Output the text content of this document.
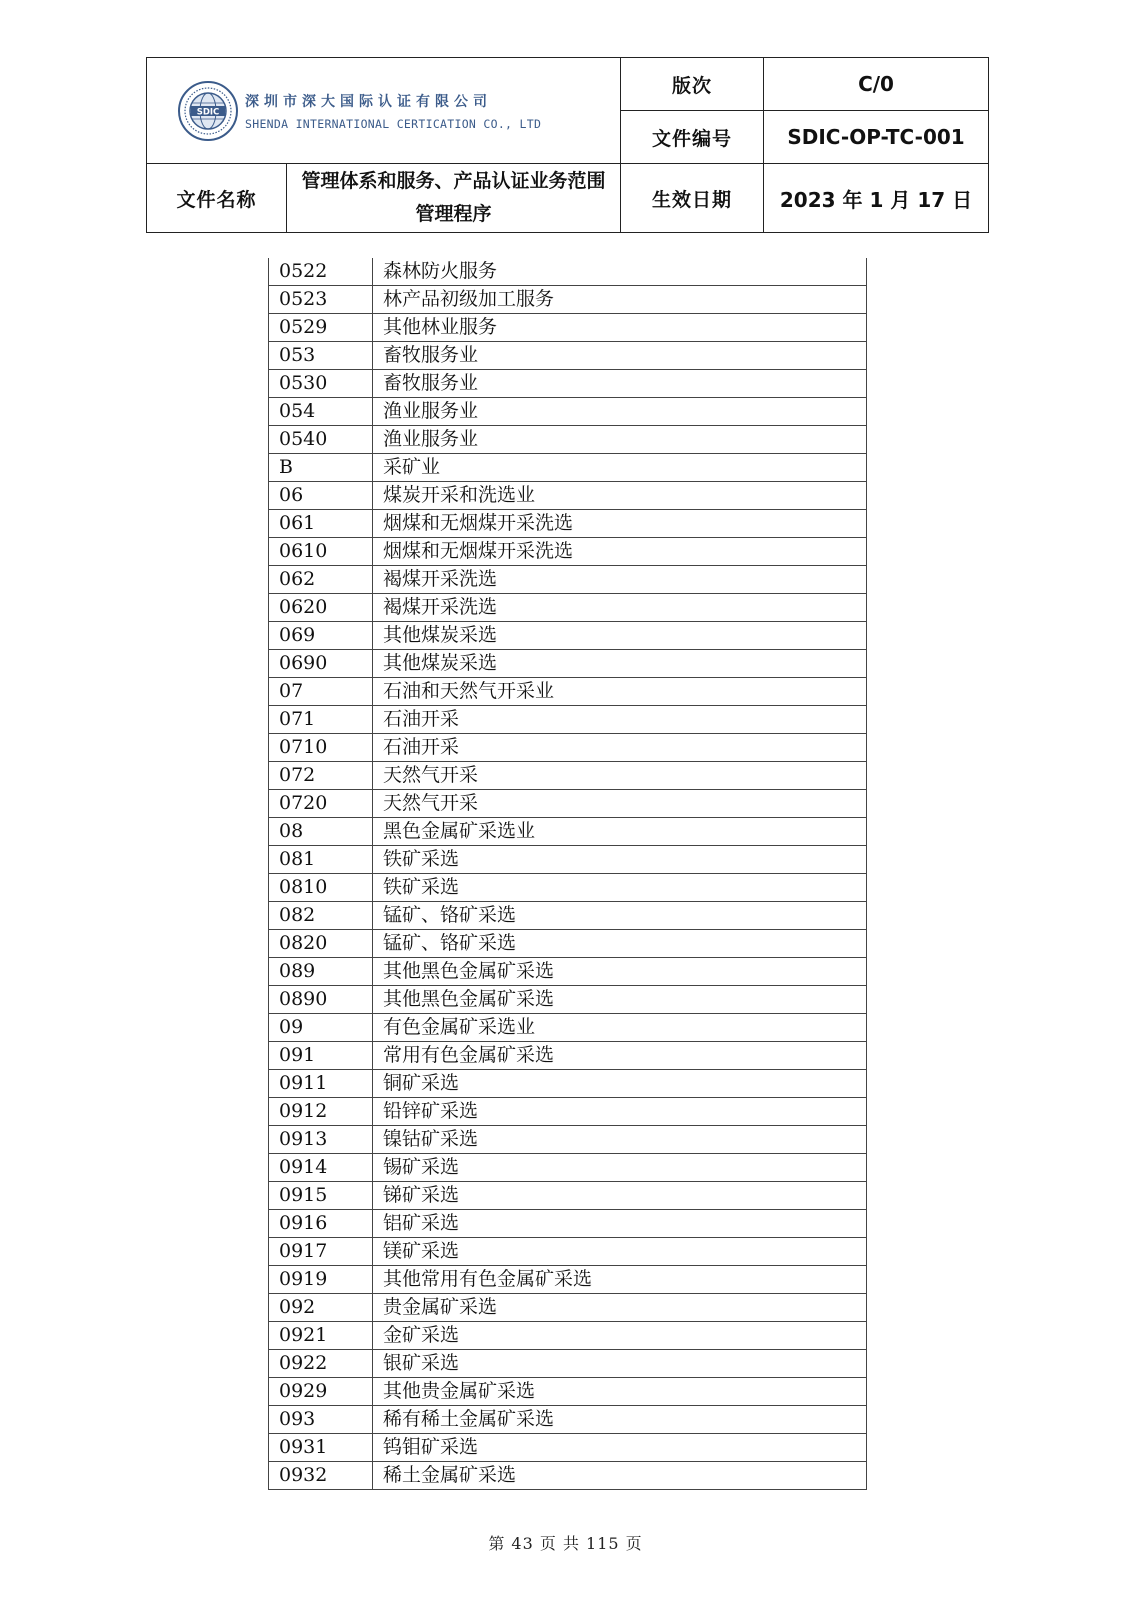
SDIC
深圳市深大国际认证有限公司
SHENDA INTERNATIONAL CERTICATION CO., LTD		版次	C/0
		文件编号	SDIC-OP-TC-001
文件名称	管理体系和服务、产品认证业务范围管理程序	生效日期	2023 年 1 月 17 日
0522	森林防火服务
0523	林产品初级加工服务
0529	其他林业服务
053	畜牧服务业
0530	畜牧服务业
054	渔业服务业
0540	渔业服务业
B	采矿业
06	煤炭开采和洗选业
061	烟煤和无烟煤开采洗选
0610	烟煤和无烟煤开采洗选
062	褐煤开采洗选
0620	褐煤开采洗选
069	其他煤炭采选
0690	其他煤炭采选
07	石油和天然气开采业
071	石油开采
0710	石油开采
072	天然气开采
0720	天然气开采
08	黑色金属矿采选业
081	铁矿采选
0810	铁矿采选
082	锰矿、铬矿采选
0820	锰矿、铬矿采选
089	其他黑色金属矿采选
0890	其他黑色金属矿采选
09	有色金属矿采选业
091	常用有色金属矿采选
0911	铜矿采选
0912	铅锌矿采选
0913	镍钴矿采选
0914	锡矿采选
0915	锑矿采选
0916	铝矿采选
0917	镁矿采选
0919	其他常用有色金属矿采选
092	贵金属矿采选
0921	金矿采选
0922	银矿采选
0929	其他贵金属矿采选
093	稀有稀土金属矿采选
0931	钨钼矿采选
0932	稀土金属矿采选
第 43 页 共 115 页
